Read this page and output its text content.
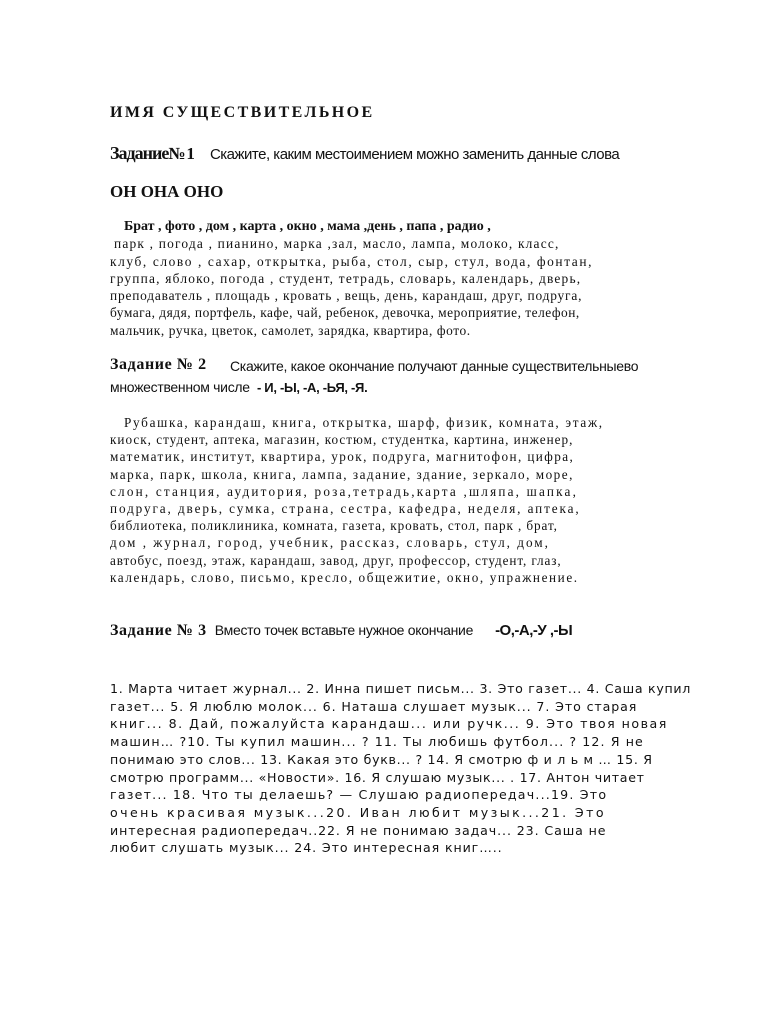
ИМЯ СУЩЕСТВИТЕЛЬНОЕ
Задание№1 Скажите, каким местоимением можно заменить данные слова
ОН ОНА ОНО
Брат , фото , дом , карта , окно , мама ,день , папа , радио ,
парк , погода , пианино, марка ,зал, масло, лампа, молоко, класс,
клуб, слово , сахар, открытка, рыба, стол, сыр, стул, вода, фонтан,
группа, яблоко, погода , студент, тетрадь, словарь, календарь, дверь,
преподаватель , площадь , кровать , вещь, день, карандаш, друг, подруга,
бумага, дядя, портфель, кафе, чай, ребенок, девочка, мероприятие, телефон,
мальчик, ручка, цветок, самолет, зарядка, квартира, фото.
Задание № 2 Скажите, какое окончание получают данные существительныево
множественном числе - И, -Ы, -А, -ЬЯ, -Я.
Рубашка, карандаш, книга, открытка, шарф, физик, комната, этаж,
киоск, студент, аптека, магазин, костюм, студентка, картина, инженер,
математик, институт, квартира, урок, подруга, магнитофон, цифра,
марка, парк, школа, книга, лампа, задание, здание, зеркало, море,
слон, станция, аудитория, роза,тетрадь,карта ,шляпа, шапка,
подруга, дверь, сумка, страна, сестра, кафедра, неделя, аптека,
библиотека, поликлиника, комната, газета, кровать, стол, парк , брат,
дом , журнал, город, учебник, рассказ, словарь, стул, дом,
автобус, поезд, этаж, карандаш, завод, друг, профессор, студент, глаз,
календарь, слово, письмо, кресло, общежитие, окно, упражнение.
Задание № 3 Вместо точек вставьте нужное окончание -О,-А,-У ,-Ы
1. Марта читает журнал... 2. Инна пишет письм... 3. Это газет... 4. Саша купил
газет... 5. Я люблю молок... 6. Наташа слушает музык... 7. Это старая
книг... 8. Дай, пожалуйста карандаш... или ручк... 9. Это твоя новая
машин… ?10. Ты купил машин... ? 11. Ты любишь футбол... ? 12. Я не
понимаю это слов... 13. Какая это букв... ? 14. Я смотрю ф и л ь м … 15. Я
смотрю программ... «Новости». 16. Я слушаю музык... . 17. Антон читает
газет... 18. Что ты делаешь? — Слушаю радиопередач...19. Это
очень красивая музык...20. Иван любит музык...21. Это
интересная радиопередач..22. Я не понимаю задач... 23. Саша не
любит слушать музык... 24. Это интересная книг…..
